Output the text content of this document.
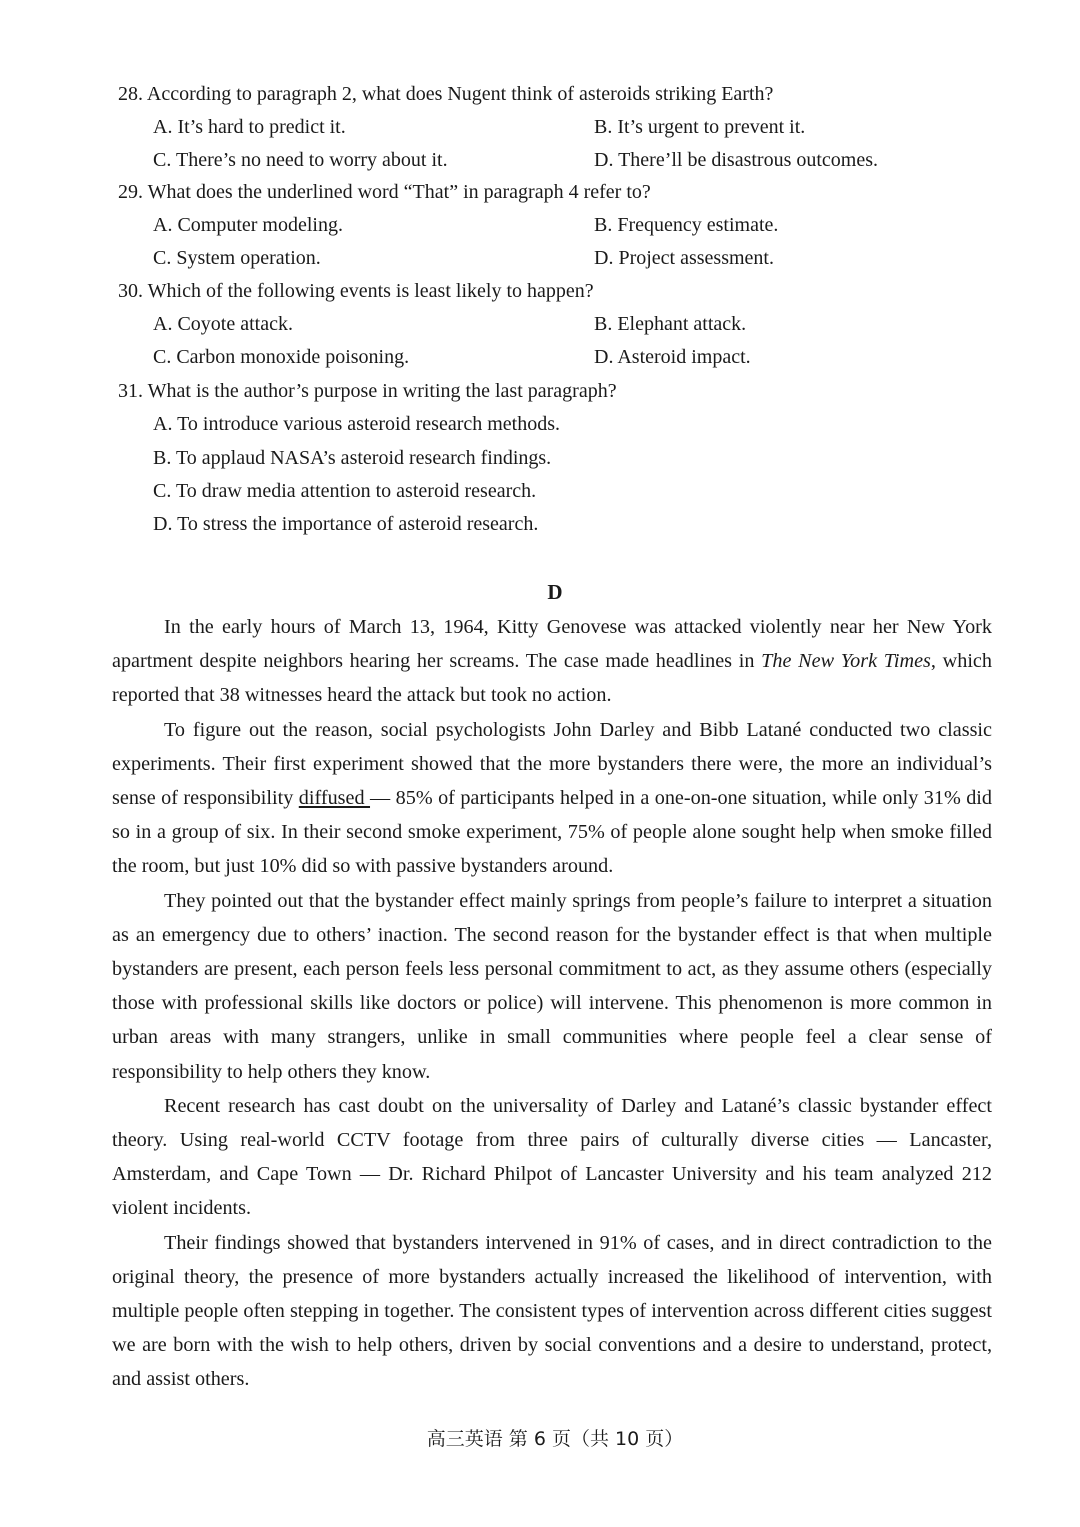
28. According to paragraph 2, what does Nugent think of asteroids striking Earth?
A. It’s hard to predict it.	B. It’s urgent to prevent it.
C. There’s no need to worry about it.	D. There’ll be disastrous outcomes.
29. What does the underlined word “That” in paragraph 4 refer to?
A. Computer modeling.	B. Frequency estimate.
C. System operation.	D. Project assessment.
30. Which of the following events is least likely to happen?
A. Coyote attack.	B. Elephant attack.
C. Carbon monoxide poisoning.	D. Asteroid impact.
31. What is the author’s purpose in writing the last paragraph?
A. To introduce various asteroid research methods.
B. To applaud NASA’s asteroid research findings.
C. To draw media attention to asteroid research.
D. To stress the importance of asteroid research.
D

In the early hours of March 13, 1964, Kitty Genovese was attacked violently near her New York apartment despite neighbors hearing her screams. The case made headlines in The New York Times, which reported that 38 witnesses heard the attack but took no action.

To figure out the reason, social psychologists John Darley and Bibb Latané conducted two classic experiments. Their first experiment showed that the more bystanders there were, the more an individual’s sense of responsibility diffused — 85% of participants helped in a one-on-one situation, while only 31% did so in a group of six. In their second smoke experiment, 75% of people alone sought help when smoke filled the room, but just 10% did so with passive bystanders around.

They pointed out that the bystander effect mainly springs from people’s failure to interpret a situation as an emergency due to others’ inaction. The second reason for the bystander effect is that when multiple bystanders are present, each person feels less personal commitment to act, as they assume others (especially those with professional skills like doctors or police) will intervene. This phenomenon is more common in urban areas with many strangers, unlike in small communities where people feel a clear sense of responsibility to help others they know.

Recent research has cast doubt on the universality of Darley and Latané’s classic bystander effect theory. Using real-world CCTV footage from three pairs of culturally diverse cities — Lancaster, Amsterdam, and Cape Town — Dr. Richard Philpot of Lancaster University and his team analyzed 212 violent incidents.

Their findings showed that bystanders intervened in 91% of cases, and in direct contradiction to the original theory, the presence of more bystanders actually increased the likelihood of intervention, with multiple people often stepping in together. The consistent types of intervention across different cities suggest we are born with the wish to help others, driven by social conventions and a desire to understand, protect, and assist others.

高三英语 第 6 页（共 10 页）
